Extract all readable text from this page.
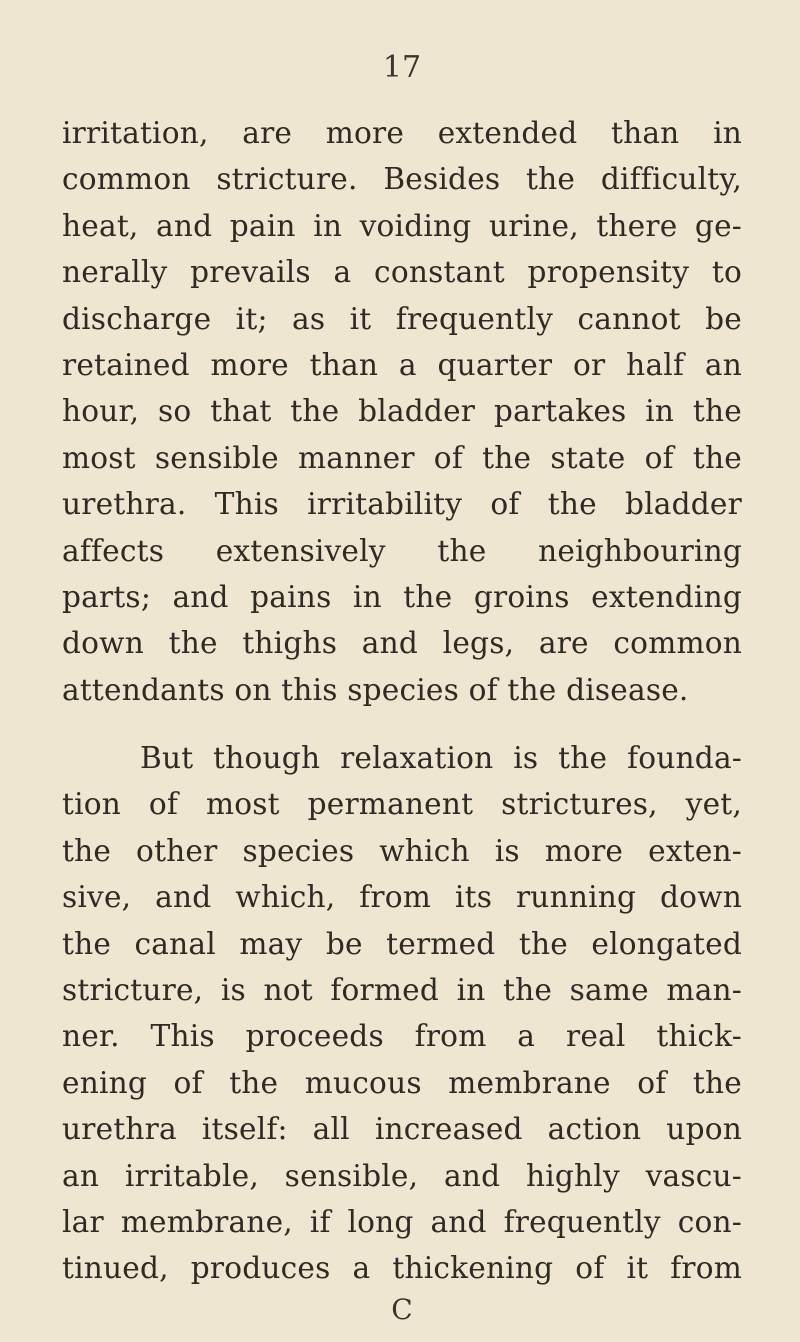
17
irritation, are more extended than in
common stricture. Besides the difficulty,
heat, and pain in voiding urine, there ge-
nerally prevails a constant propensity to
discharge it; as it frequently cannot be
retained more than a quarter or half an
hour, so that the bladder partakes in the
most sensible manner of the state of the
urethra. This irritability of the bladder
affects extensively the neighbouring
parts; and pains in the groins extending
down the thighs and legs, are common
attendants on this species of the disease.
But though relaxation is the founda-
tion of most permanent strictures, yet,
the other species which is more exten-
sive, and which, from its running down
the canal may be termed the elongated
stricture, is not formed in the same man-
ner. This proceeds from a real thick-
ening of the mucous membrane of the
urethra itself: all increased action upon
an irritable, sensible, and highly vascu-
lar membrane, if long and frequently con-
tinued, produces a thickening of it from
C
